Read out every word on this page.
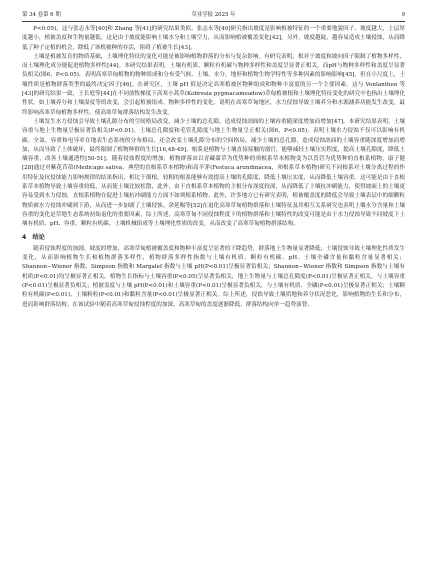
第 34 卷第 6 期	草业学报 2025 年	9

P<0.05)，这与张志永等[40]和 Zhang 等[41]的研究结果类似。张志永等[40]研究指出坡度是影响植被特征的一个重要地貌因子，坡度越大，土层厚度越小，植被盖度和生物量越低。这是由于坡度能影响土壤水分和土壤空力，从而影响植被覆盖变化[42]。另外，坡度越陡，越容易造成土壤侵蚀，从而降低了种子定植的机会，降低了该植被种的存活，阻碍了植被生长[43]。

土壤是植被发育的物质基础，土壤理化特征的变化可能是被影响植物群落的分布与复杂影响。有研究表明，根对于坡度和坡向因子限制了植物多样性，而土壤理化成分能促进植物多样性[44]。本研究结果表明，土壤有机质、颗粒有机碳与物种多样性和盖度呈显著正相关，而pH与物种多样性和盖度呈显著负相关(图6，P<0.05)，表明高寒草甸植物的物种组成和分布受气候、土壤、水分、地形和植物生物学特性等多种因素的影响影响[45]，但在小尺度上，土壤性质是植物群落类型的最终决定因子[46]。在研究区，土壤 pH 值是决定高寒植被区物种组成和物种丰富度的另一个主要因素，这与 Vonlanthen 等[43]的研究结果一致，王长庭等[44]在不同放牧梯度下高寒小蒿草(Kobresia pygmacameadow)草甸植被根和土壤理化特征变化的研究中也指出土壤理化性状，如土壤养分和土壤湿度等的改变，会引起植被组成、物种多样性的变化。说明在高寒草甸地区，水力侵蚀导致土壤养分和水源涵养功能发生改变，最终影响高寒草甸植物多样性，使高寒草甸群落结构发生改变。

土壤发生水力侵蚀会导致土壤孔隙分布的空间格局改变，减少土壤的总孔隙，造成侵蚀剖面的土壤容重随深度增加而增加[47]。本研究结果表明，土壤容重与地上生物量呈极显著负相关(P<0.01)，土壤总孔隙度和毛管孔隙度与地上生物量呈正相关(图6，P<0.05)，表明土壤水力侵蚀不仅可以影响有机碳、全氮、容重和电导率在地表生态系统的分布格局，还会改变土壤孔隙分布的空间格局，减少土壤的总孔隙，造成侵蚀剖面的土壤容重随深度增加而增加，从而导致了土体破坏，最终限制了植物种群的生长[16,48-49]。根系是植物与土壤直接接触的器官，能够减轻土壤压实程度，提高土壤孔隙度，降低土壤容重，改善土壤通透性[50-51]。随着侵蚀程度的增加，植物群落由以青藏薹草为优势种的须根系草本植物变为以莨菪为优势种的直根系植物。康子健[28]通过对紫花苜蓿(Medicago sativa，典型的直根系草本植物)和高羊茅(Festuca arundinacea，须根系草本植物)研究不同根系对土壤分离过程的作用特征及抗侵蚀能力影响规律的结果指出，相比于细根，较粗的根系能够有效提高土壤的孔隙度，降低土壤压实度，从而降低土壤容重。这可能是由于直根系草本植物导致土壤容重较低，从而使土壤比较松散，此外，由于直根系草本植物的主根分布深度较深，从而降低了土壤抗冲刷能力，使得坡面上的土壤更容易受到水力侵蚀，直根系植物在促进土壤抗冲刷能力方面不如须根系植物。此外，许多地方已有研究表明，植被覆盖度的降低会导致土壤表层中的细颗粒物质被水力侵蚀冲刷到下游，从而进一步加剧了土壤侵蚀。余延赐等[52]在退化高寒草甸植物群落和土壤特征及其相互关系研究也表明土壤水分含量和土壤容重的变化是草地生态系统初始退化的重要因素，综上所述，高寒草甸不同侵蚀程度下的植物群落和土壤特性的改变可能是由于水力侵蚀导致不同坡度下土壤有机质、pH、容重、颗粒有机碳、土壤机械组成等土壤理化性质的改变，从而改变了高寒草甸植物群落结构。

4　结论

随着侵蚀程度的加剧、坡度的增加，高寒草甸植被覆盖度和物种丰富度呈显著的下降趋势，群落地上生物量显著降低；土壤侵蚀导致土壤理化性质发生变化，从而影响植物生长和植物群落多样性，植物群落多样性指数与土壤有机质、颗粒有机碳、pH、土壤全磷含量和黏粒含量显著相关；Shannon−Wiener 指数、Simpson 指数和 Margalef 指数与土壤 pH(P<0.01)呈极显著负相关；Shannon−Wiener 指数和 Simpson 指数与土壤有机质(P<0.01)均呈极显著正相关。植物生长指标与土壤容重(P<0.05)呈显著负相关，地上生物量与土壤总孔隙度(P<0.01)呈极显著正相关，与土壤容重(P<0.01)呈极显著负相关；植被盖度与土壤 pH(P<0.01)和土壤容重(P<0.01)呈极显著负相关，与土壤有机质、全磷(P<0.01)呈极显著正相关；土壤颗粒有机碳(P<0.01)、土壤粉粒(P<0.01)和黏粒含量(P<0.01)呈极显著正相关。综上所述，侵蚀导致土壤质地和养分状况恶化，影响植物的生长和分布，进而影响群落结构。在该试验中随着高寒草甸侵蚀程度的加深，高寒草甸的盖度逐渐降低，群落结构向单一趋势演替。
